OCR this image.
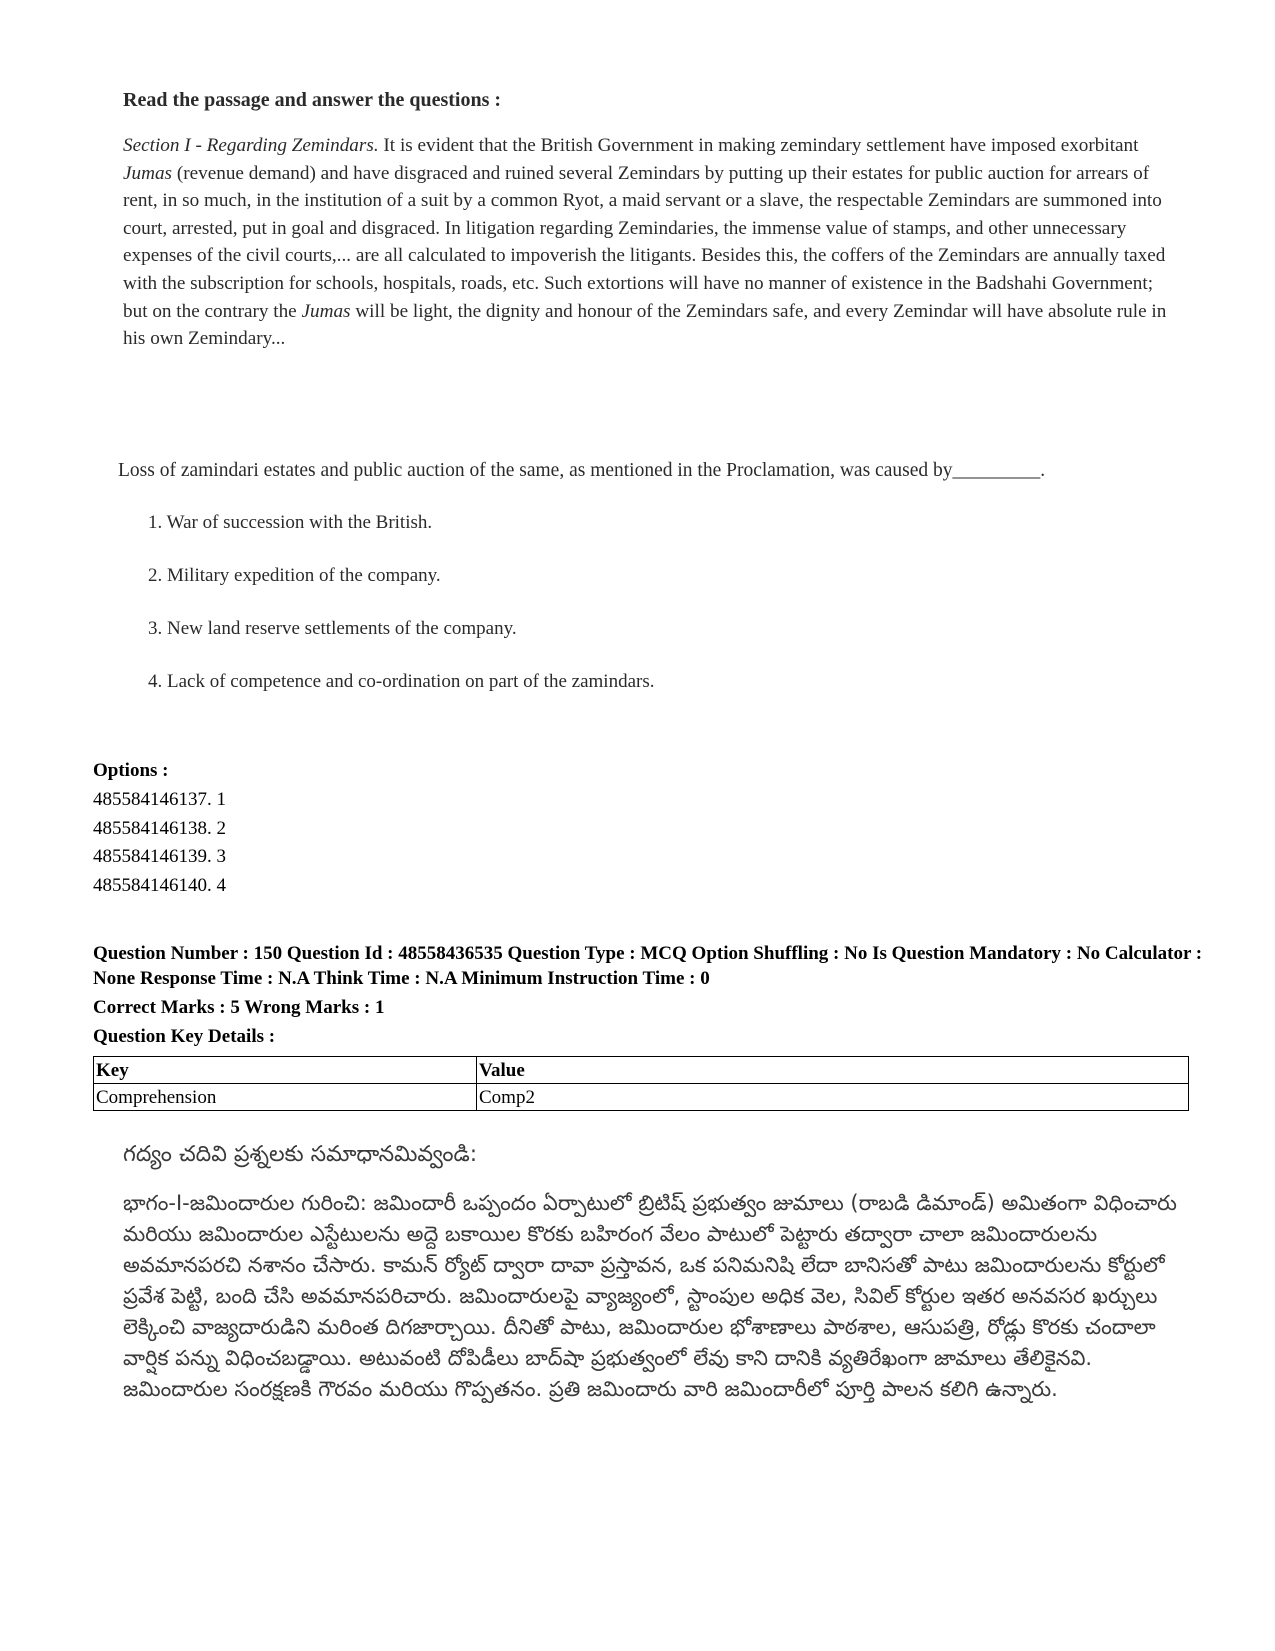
Read the passage and answer the questions :

Section I - Regarding Zemindars. It is evident that the British Government in making zemindary settlement have imposed exorbitant Jumas (revenue demand) and have disgraced and ruined several Zemindars by putting up their estates for public auction for arrears of rent, in so much, in the institution of a suit by a common Ryot, a maid servant or a slave, the respectable Zemindars are summoned into court, arrested, put in goal and disgraced. In litigation regarding Zemindaries, the immense value of stamps, and other unnecessary expenses of the civil courts,... are all calculated to impoverish the litigants. Besides this, the coffers of the Zemindars are annually taxed with the subscription for schools, hospitals, roads, etc. Such extortions will have no manner of existence in the Badshahi Government; but on the contrary the Jumas will be light, the dignity and honour of the Zemindars safe, and every Zemindar will have absolute rule in his own Zemindary...

Loss of zamindari estates and public auction of the same, as mentioned in the Proclamation, was caused by_________.

1. War of succession with the British.
2. Military expedition of the company.
3. New land reserve settlements of the company.
4. Lack of competence and co-ordination on part of the zamindars.
Options :
485584146137. 1
485584146138. 2
485584146139. 3
485584146140. 4

Question Number : 150 Question Id : 48558436535 Question Type : MCQ Option Shuffling : No Is Question Mandatory : No Calculator : None Response Time : N.A Think Time : N.A Minimum Instruction Time : 0

Correct Marks : 5 Wrong Marks : 1

Question Key Details :

Key	Value
Comprehension	Comp2

గద్యం చదివి ప్రశ్నలకు సమాధానమివ్వండి:

భాగం-I-జమిందారుల గురించి: జమిందారీ ఒప్పందం ఏర్పాటులో బ్రిటిష్ ప్రభుత్వం జుమాలు (రాబడి డిమాండ్) అమితంగా విధించారు మరియు జమిందారుల ఎస్టేటులను అద్దె బకాయిల కొరకు బహిరంగ వేలం పాటులో పెట్టారు తద్వారా చాలా జమిందారులను అవమానపరచి నశానం చేసారు. కామన్ ర్యోట్ ద్వారా దావా ప్రస్తావన, ఒక పనిమనిషి లేదా బానిసతో పాటు జమిందారులను కోర్టులో ప్రవేశ పెట్టి, బంది చేసి అవమానపరిచారు. జమిందారులపై వ్యాజ్యంలో, స్టాంపుల అధిక వెల, సివిల్ కోర్టుల ఇతర అనవసర ఖర్చులు లెక్కించి వాజ్యదారుడిని మరింత దిగజార్చాయి. దీనితో పాటు, జమిందారుల భోశాణాలు పాఠశాల, ఆసుపత్రి, రోడ్లు కొరకు చందాలా వార్షిక పన్ను విధించబడ్డాయి. అటువంటి దోపిడీలు బాద్‌షా ప్రభుత్వంలో లేవు కాని దానికి వ్యతిరేఖంగా జామాలు తేలికైనవి. జమిందారుల సంరక్షణకి గౌరవం మరియు గొప్పతనం. ప్రతి జమిందారు వారి జమిందారీలో పూర్తి పాలన కలిగి ఉన్నారు.
